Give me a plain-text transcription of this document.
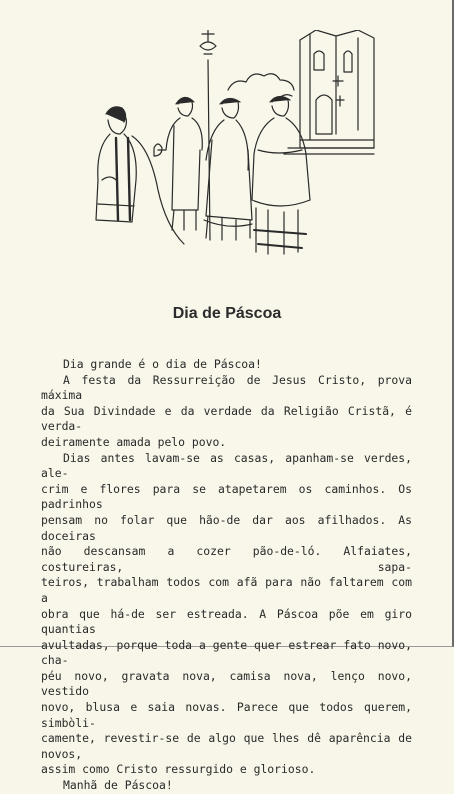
Dia de Páscoa

Dia grande é o dia de Páscoa!

A festa da Ressurreição de Jesus Cristo, prova máxima

da Sua Divindade e da verdade da Religião Cristã, é verda-

deiramente amada pelo povo.

Dias antes lavam-se as casas, apanham-se verdes, ale-

crim e flores para se atapetarem os caminhos. Os padrinhos

pensam no folar que hão-de dar aos afilhados. As doceiras

não descansam a cozer pão-de-ló. Alfaiates, costureiras, sapa-

teiros, trabalham todos com afã para não faltarem com a

obra que há-de ser estreada. A Páscoa põe em giro quantias

avultadas, porque toda a gente quer estrear fato novo, cha-

péu novo, gravata nova, camisa nova, lenço novo, vestido

novo, blusa e saia novas. Parece que todos querem, simbòli-

camente, revestir-se de algo que lhes dê aparência de novos,

assim como Cristo ressurgido e glorioso.

Manhã de Páscoa!
